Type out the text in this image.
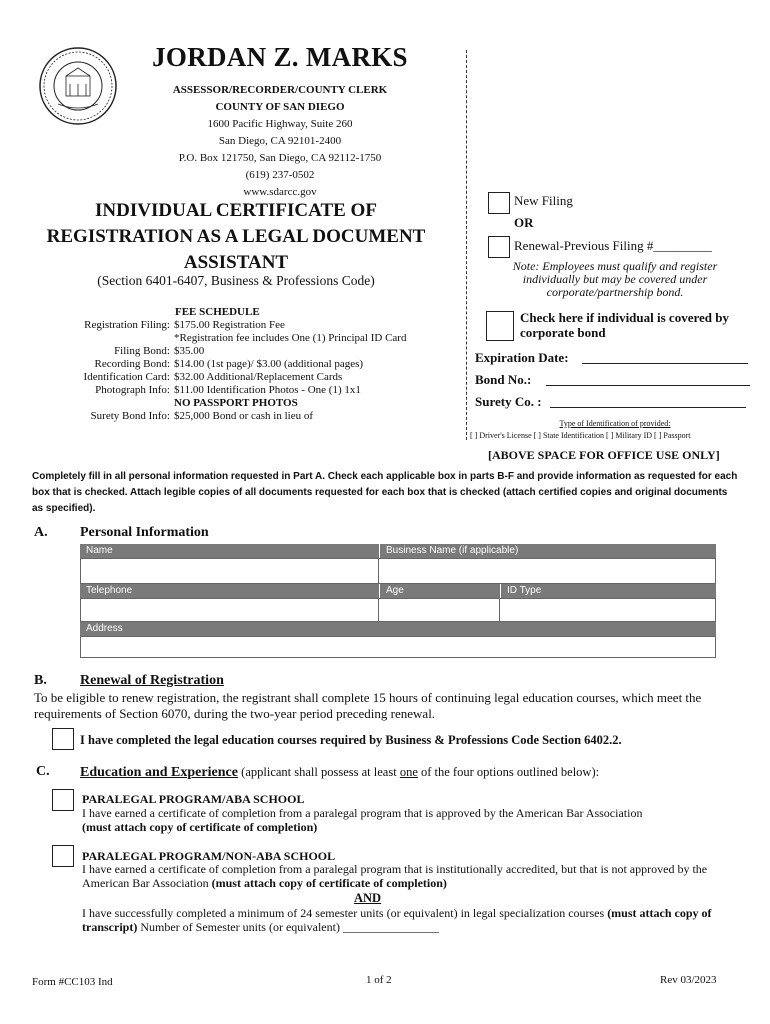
JORDAN Z. MARKS
ASSESSOR/RECORDER/COUNTY CLERK
COUNTY OF SAN DIEGO
1600 Pacific Highway, Suite 260
San Diego, CA 92101-2400
P.O. Box 121750, San Diego, CA 92112-1750
(619) 237-0502
www.sdarcc.gov
INDIVIDUAL CERTIFICATE OF
REGISTRATION AS A LEGAL DOCUMENT
ASSISTANT
(Section 6401-6407, Business & Professions Code)
FEE SCHEDULE
Registration Filing: $175.00 Registration Fee
*Registration fee includes One (1) Principal ID Card
Filing Bond: $35.00
Recording Bond: $14.00 (1st page)/ $3.00 (additional pages)
Identification Card: $32.00 Additional/Replacement Cards
Photograph Info: $11.00 Identification Photos - One (1) 1x1
NO PASSPORT PHOTOS
Surety Bond Info: $25,000 Bond or cash in lieu of
New Filing
OR
Renewal-Previous Filing #_________
Note: Employees must qualify and register individually but may be covered under corporate/partnership bond.
Check here if individual is covered by corporate bond
Expiration Date:
Bond No.:
Surety Co. :
Type of Identification of provided:
[ ] Driver's License [ ] State Identification [ ] Military ID [ ] Passport
[ABOVE SPACE FOR OFFICE USE ONLY]
Completely fill in all personal information requested in Part A. Check each applicable box in parts B-F and provide information as requested for each box that is checked. Attach legible copies of all documents requested for each box that is checked (attach certified copies and original documents as specified).
A. Personal Information
Name	Business Name (if applicable)
Telephone	Age	ID Type
Address
B. Renewal of Registration
To be eligible to renew registration, the registrant shall complete 15 hours of continuing legal education courses, which meet the requirements of Section 6070, during the two-year period preceding renewal.
I have completed the legal education courses required by Business & Professions Code Section 6402.2.
C. Education and Experience (applicant shall possess at least one of the four options outlined below):
PARALEGAL PROGRAM/ABA SCHOOL
I have earned a certificate of completion from a paralegal program that is approved by the American Bar Association
(must attach copy of certificate of completion)
PARALEGAL PROGRAM/NON-ABA SCHOOL
I have earned a certificate of completion from a paralegal program that is institutionally accredited, but that is not approved by the American Bar Association (must attach copy of certificate of completion)
AND
I have successfully completed a minimum of 24 semester units (or equivalent) in legal specialization courses (must attach copy of transcript) Number of Semester units (or equivalent) ________________
Form #CC103 Ind	1 of 2	Rev 03/2023
